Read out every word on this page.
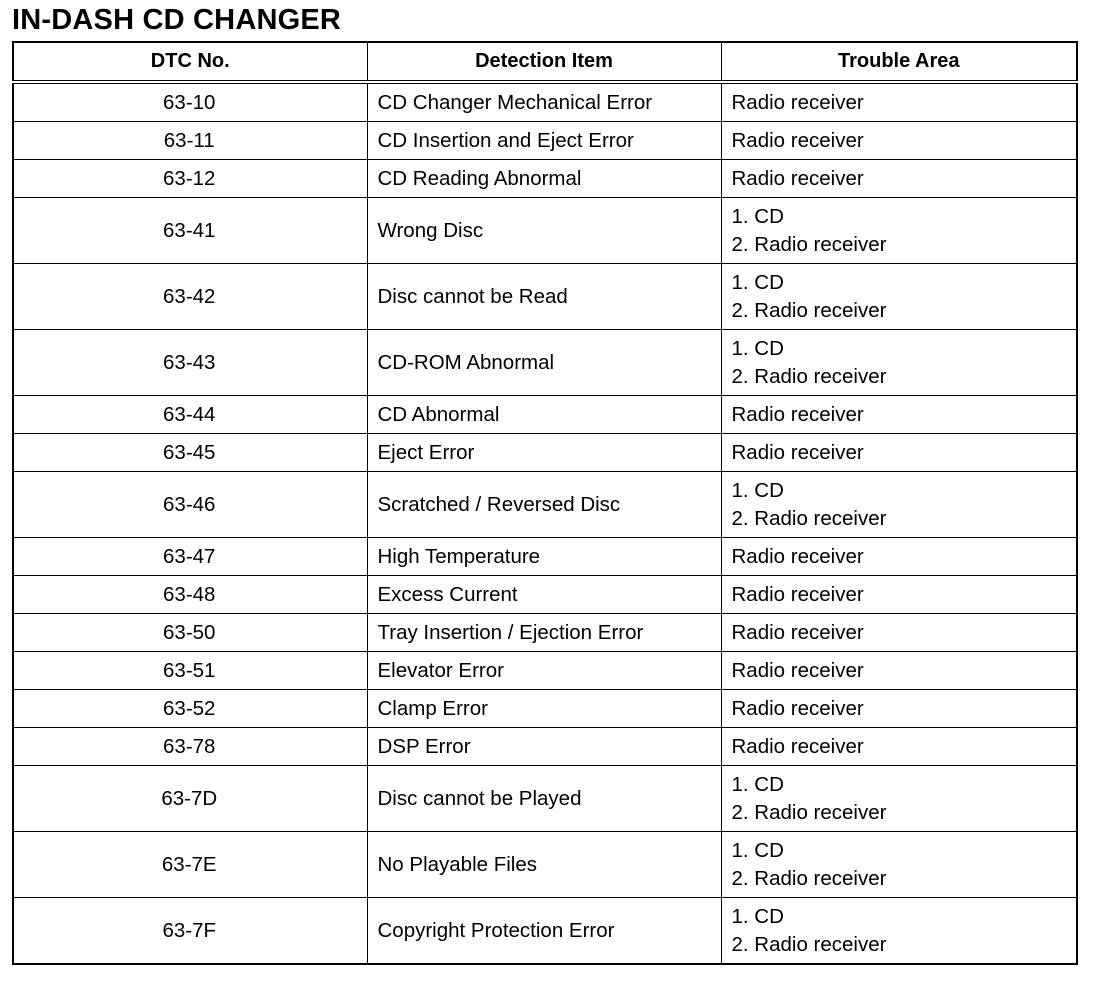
IN-DASH CD CHANGER
DTC No.	Detection Item	Trouble Area
63-10	CD Changer Mechanical Error	Radio receiver

63-11	CD Insertion and Eject Error	Radio receiver

63-12	CD Reading Abnormal	Radio receiver

63-41	Wrong Disc	1. CD
2. Radio receiver

63-42	Disc cannot be Read	1. CD
2. Radio receiver

63-43	CD-ROM Abnormal	1. CD
2. Radio receiver

63-44	CD Abnormal	Radio receiver

63-45	Eject Error	Radio receiver

63-46	Scratched / Reversed Disc	1. CD
2. Radio receiver

63-47	High Temperature	Radio receiver

63-48	Excess Current	Radio receiver

63-50	Tray Insertion / Ejection Error	Radio receiver

63-51	Elevator Error	Radio receiver

63-52	Clamp Error	Radio receiver

63-78	DSP Error	Radio receiver

63-7D	Disc cannot be Played	1. CD
2. Radio receiver

63-7E	No Playable Files	1. CD
2. Radio receiver

63-7F	Copyright Protection Error	1. CD
2. Radio receiver
